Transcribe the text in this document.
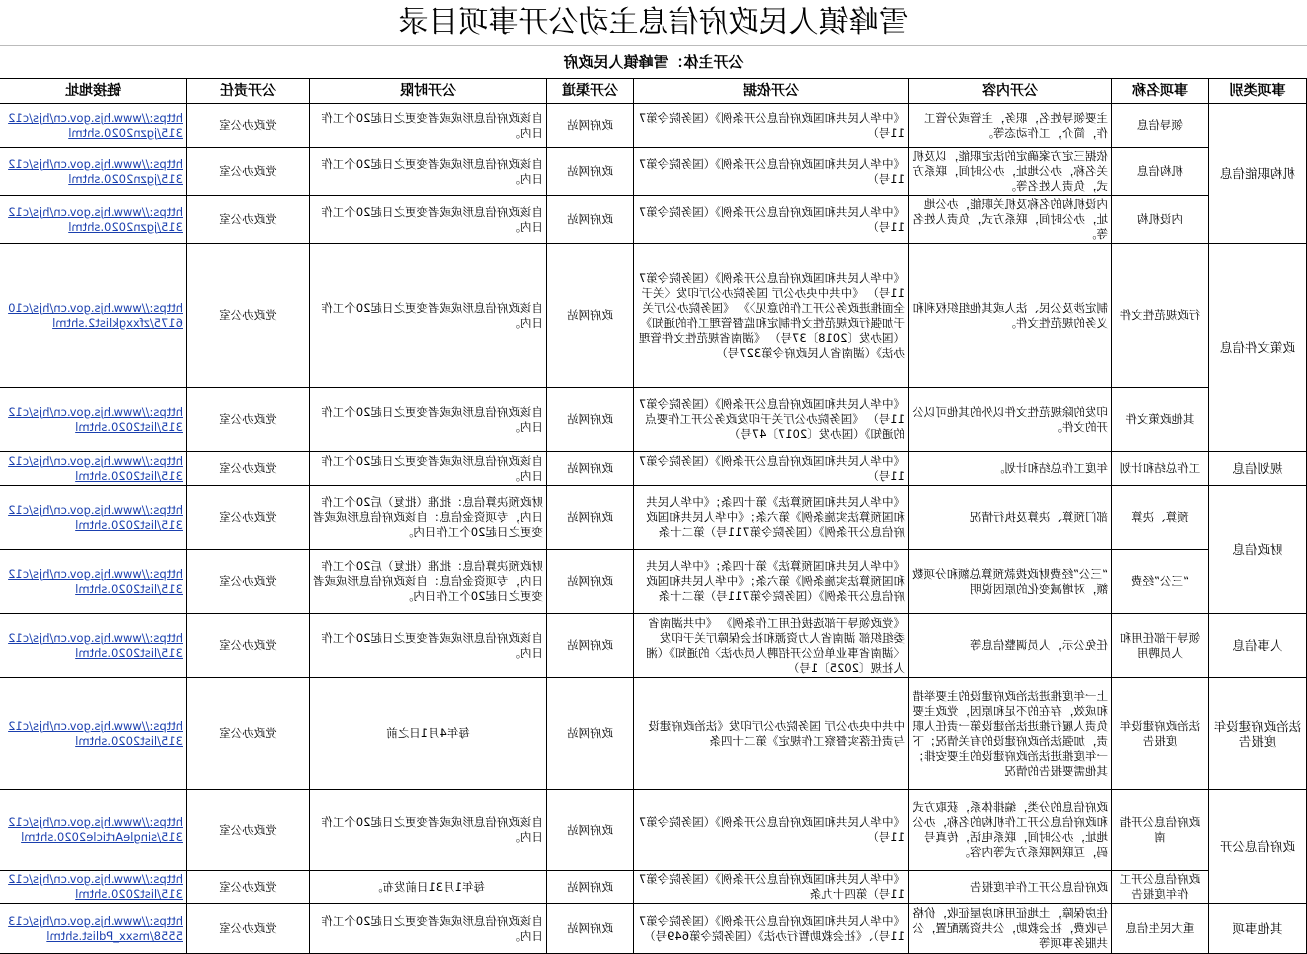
雪峰镇人民政府信息主动公开事项目录
公开主体：雪峰镇人民政府
事项类别	事项名称	公开内容	公开依据	公开渠道	公开时限	公开责任	链接地址
机构职能信息	领导信息	主要领导姓名，职务，主管或分管工作，简介，工作动态等。	《中华人民共和国政府信息公开条例》（国务院令第711号）	政府网站	自该政府信息形成或者变更之日起20个工作日内。	党政办公室	https://www.hjs.gov.cn/hjs/c12315/jgzn2020.shtml
	机构信息	依据三定方案确定的法定职能，以及机关名称，办公地址，办公时间，联系方式，负责人姓名等。	《中华人民共和国政府信息公开条例》（国务院令第711号）	政府网站	自该政府信息形成或者变更之日起20个工作日内。	党政办公室	https://www.hjs.gov.cn/hjs/c12315/jgzn2020.shtml
	内设机构	内设机构的名称及机关职能，办公地址，办公时间，联系方式，负责人姓名等。	《中华人民共和国政府信息公开条例》（国务院令第711号）	政府网站	自该政府信息形成或者变更之日起20个工作日内。	党政办公室	https://www.hjs.gov.cn/hjs/c12315/jgzn2020.shtml
政策文件信息	行政规范性文件	制定涉及公民、法人或其他组织权利和义务的规范性文件。	《中华人民共和国政府信息公开条例》（国务院令第711号） 《中共中央办公厅 国务院办公厅印发〈关于全面推进政务公开工作的意见〉》 《国务院办公厅关于加强行政规范性文件制定和监督管理工作的通知》（国办发〔2018〕37号） 《湖南省规范性文件管理办法》（湖南省人民政府令第327号）	政府网站	自该政府信息形成或者变更之日起20个工作日内。	党政办公室	https://www.hjs.gov.cn/hjs/c106175/zfxxgklist2.shtml
	其他政策文件	印发的除规范性文件以外的其他可以公开的文件。	《中华人民共和国政府信息公开条例》（国务院令第711号） 《国务院办公厅关于印发政务公开工作要点的通知》（国办发〔2017〕47号）	政府网站	自该政府信息形成或者变更之日起20个工作日内。	党政办公室	https://www.hjs.gov.cn/hjs/c12315/list2020.shtml
规划信息	工作总结和计划	年度工作总结和计划。	《中华人民共和国政府信息公开条例》（国务院令第711号）	政府网站	自该政府信息形成或者变更之日起20个工作日内。	党政办公室	https://www.hjs.gov.cn/hjs/c12315/list2020.shtml
财政信息	预算、决算	部门预算、决算及执行情况	《中华人民共和国预算法》第十四条；《中华人民共和国预算法实施条例》第六条；《中华人民共和国政府信息公开条例》（国务院令第711号）第二十条	政府网站	财政预决算信息：批准（批复）后20个工作日内，专项资金信息：自该政府信息形成或者变更之日起20个工作日内。	党政办公室	https://www.hjs.gov.cn/hjs/c12315/list2020.shtml
	“三公”经费	“三公”经费财政拨款预算总额和分项数额，对增减变化的原因说明	《中华人民共和国预算法》第十四条；《中华人民共和国预算法实施条例》第六条；《中华人民共和国政府信息公开条例》（国务院令第711号）第二十条	政府网站	财政预决算信息：批准（批复）后20个工作日内，专项资金信息：自该政府信息形成或者变更之日起20个工作日内。	党政办公室	https://www.hjs.gov.cn/hjs/c12315/list2020.shtml
人事信息	领导干部任用和人员聘用	任免公示，人员调整信息等	《党政领导干部选拔任用工作条例》 《中共湖南省委组织部 湖南省人力资源和社会保障厅关于印发〈湖南省事业单位公开招聘人员办法〉的通知》（湘人社规〔2025〕1号）	政府网站	自该政府信息形成或者变更之日起20个工作日内。	党政办公室	https://www.hjs.gov.cn/hjs/c12315/list2020.shtml
法治政府建设年度报告	法治政府建设年度报告	上一年度推进法治政府建设的主要举措和成效，存在的不足和原因，党政主要负责人履行推进法治建设第一责任人职责，加强法治政府建设的有关情况；下一年度推进法治政府建设的主要安排；其他需要报告的情况	中共中央办公厅 国务院办公厅印发《法治政府建设与责任落实督察工作规定》第二十四条	政府网站	每年4月1日之前	党政办公室	https://www.hjs.gov.cn/hjs/c12315/list2020.shtml
政府信息公开	政府信息公开指南	政府信息的分类，编排体系，获取方式和政府信息公开工作机构的名称，办公地址，办公时间，联系电话，传真号码，互联网联系方式等内容。	《中华人民共和国政府信息公开条例》（国务院令第711号）	政府网站	自该政府信息形成或者变更之日起20个工作日内。	党政办公室	https://www.hjs.gov.cn/hjs/c12315/singleArticle2020.shtml
	政府信息公开工作年度报告	政府信息公开工作年度报告	《中华人民共和国政府信息公开条例》（国务院令第711号）第四十九条	政府网站	每年1月31日前发布。	党政办公室	https://www.hjs.gov.cn/hjs/c12315/list2020.shtml
其他事项	重大民生信息	住房保障，土地征用和房屋征收，价格与收费，社会救助，公共资源配置，公共服务事项等	《中华人民共和国政府信息公开条例》（国务院令第711号）、《社会救助暂行办法》（国务院令第649号）	政府网站	自该政府信息形成或者变更之日起20个工作日内。	党政办公室	https://www.hjs.gov.cn/hjs/c135558/msxx_Pdlist.shtml
